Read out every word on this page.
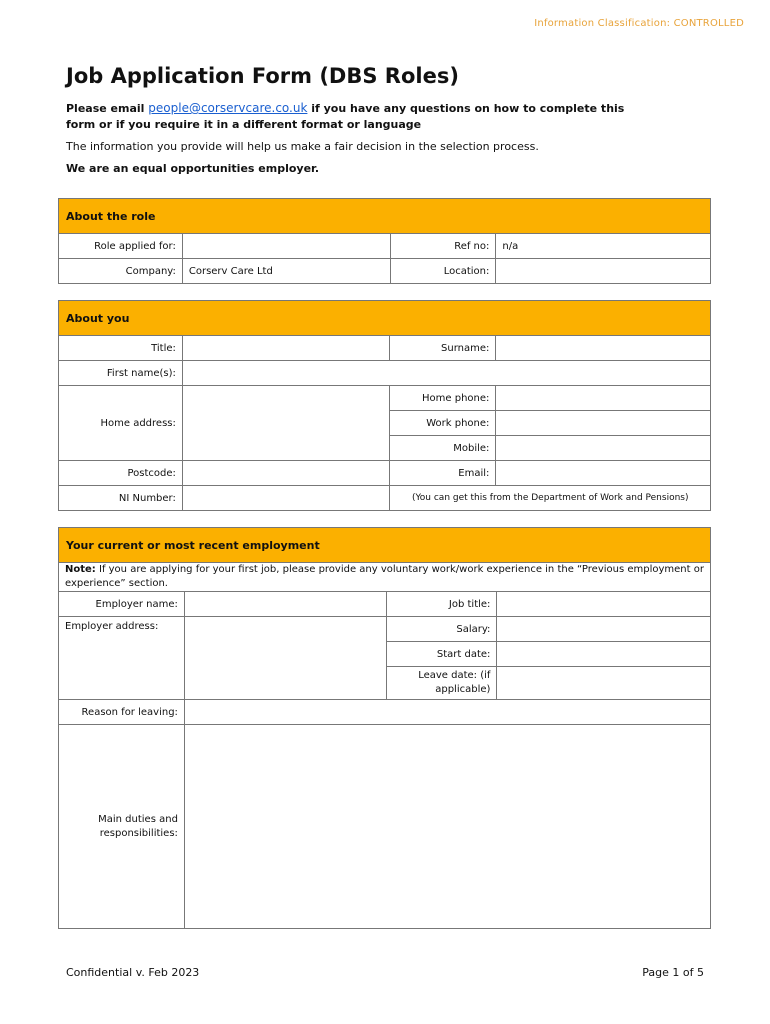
Information Classification: CONTROLLED
Job Application Form (DBS Roles)

Please email people@corservcare.co.uk if you have any questions on how to complete this form or if you require it in a different format or language

The information you provide will help us make a fair decision in the selection process.

We are an equal opportunities employer.

About the role			
Role applied for:		Ref no:	n/a
Company:	Corserv Care Ltd	Location:	
About you			
Title:		Surname:	
First name(s):			
Home address:		Home phone:	
		Work phone:	
		Mobile:	
Postcode:		Email:	
NI Number:		(You can get this from the Department of Work and Pensions)	
Your current or most recent employment			
Note: If you are applying for your first job, please provide any voluntary work/work experience in the “Previous employment or experience” section.			
Employer name:		Job title:	
Employer address:		Salary:	
		Start date:	
		Leave date: (if applicable)	
Reason for leaving:			
Main duties and responsibilities:			
Confidential v. Feb 2023	Page 1 of 5
